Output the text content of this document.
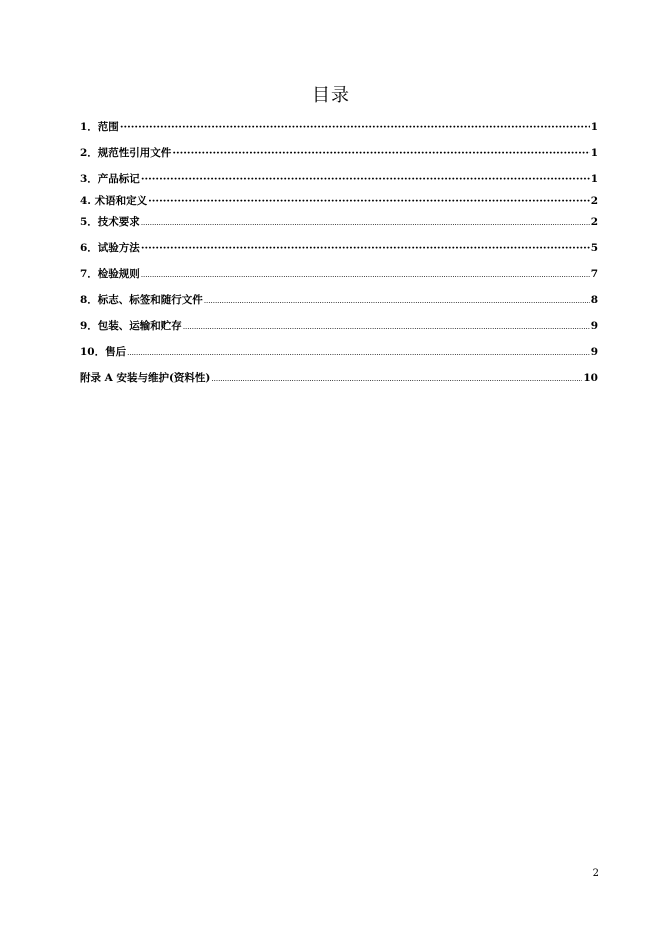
目录
1．范围 ·····	1
2．规范性引用文件 ·····	1
3．产品标记 ·····	1
4. 术语和定义 ·····	2
5．技术要求 .....	2
6．试验方法 ·····	5
7．检验规则 .....	7
8．标志、标签和随行文件 .....	8
9．包装、运输和贮存 .....	9
10．售后 .....	9
附录 A 安装与维护(资料性) .....	10
2
